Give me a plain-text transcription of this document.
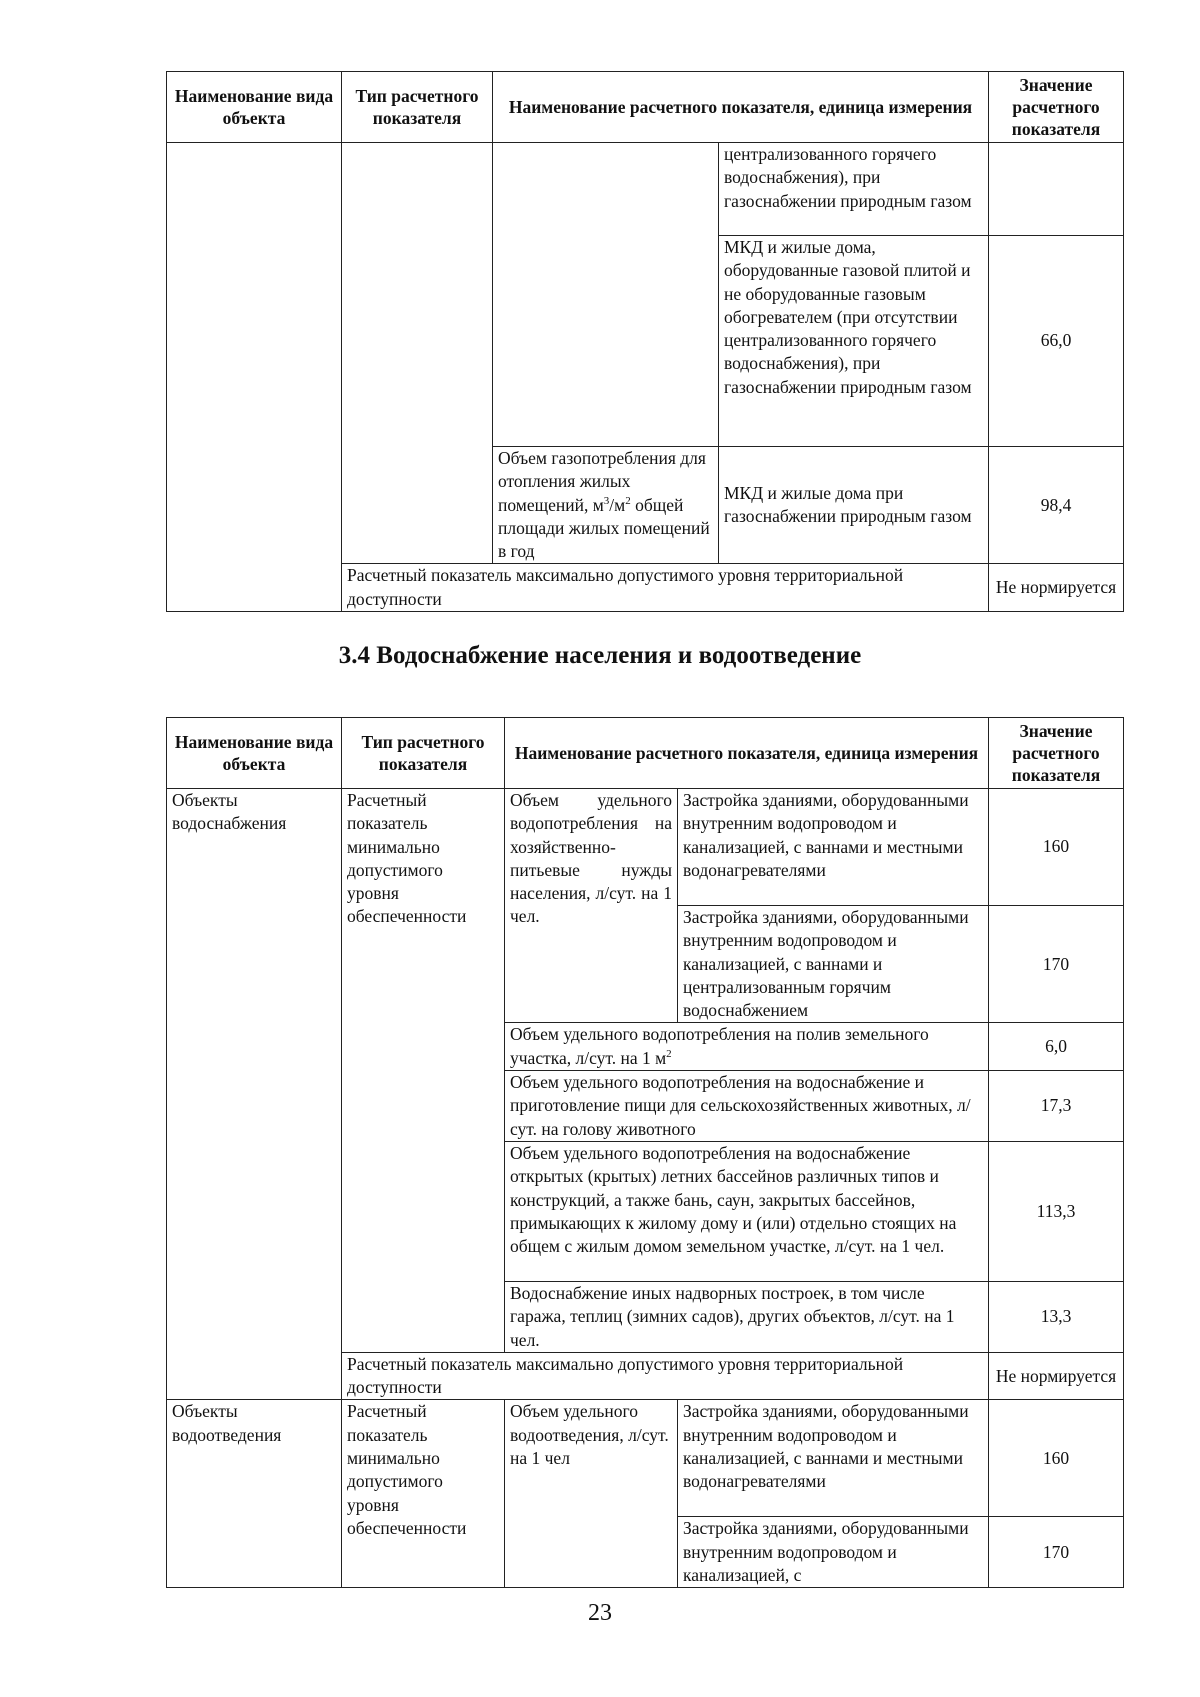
Наименование вида объекта	Тип расчетного показателя	Наименование расчетного показателя, единица измерения		Значение расчетного показателя
			централизованного горячего водоснабжения), при газоснабжении природным газом	
			МКД и жилые дома, оборудованные газовой плитой и не оборудованные газовым обогревателем (при отсутствии централизованного горячего водоснабжения), при газоснабжении природным газом	66,0
		Объем газопотребления для отопления жилых помещений, $м^3/м^2$ общей площади жилых помещений в год	МКД и жилые дома при газоснабжении природным газом	98,4
	Расчетный показатель максимально допустимого уровня территориальной доступности			Не нормируется
3.4 Водоснабжение населения и водоотведение
Наименование вида объекта	Тип расчетного показателя	Наименование расчетного показателя, единица измерения		Значение расчетного показателя
Объекты водоснабжения	Расчетный показатель минимально допустимого уровня обеспеченности	Объем удельного водопотребления на хозяйственно-питьевые нужды населения, л/сут. на 1 чел.	Застройка зданиями, оборудованными внутренним водопроводом и канализацией, с ваннами и местными водонагревателями	160
			Застройка зданиями, оборудованными внутренним водопроводом и канализацией, с ваннами и централизованным горячим водоснабжением	170
		Объем удельного водопотребления на полив земельного участка, л/сут. на 1 $м^2$		6,0
		Объем удельного водопотребления на водоснабжение и приготовление пищи для сельскохозяйственных животных, л/сут. на голову животного		17,3
		Объем удельного водопотребления на водоснабжение открытых (крытых) летних бассейнов различных типов и конструкций, а также бань, саун, закрытых бассейнов, примыкающих к жилому дому и (или) отдельно стоящих на общем с жилым домом земельном участке, л/сут. на 1 чел.		113,3
		Водоснабжение иных надворных построек, в том числе гаража, теплиц (зимних садов), других объектов, л/сут. на 1 чел.		13,3
	Расчетный показатель максимально допустимого уровня территориальной доступности			Не нормируется
Объекты водоотведения	Расчетный показатель минимально допустимого уровня обеспеченности	Объем удельного водоотведения, л/сут. на 1 чел	Застройка зданиями, оборудованными внутренним водопроводом и канализацией, с ваннами и местными водонагревателями	160
			Застройка зданиями, оборудованными внутренним водопроводом и канализацией, с	170
23
